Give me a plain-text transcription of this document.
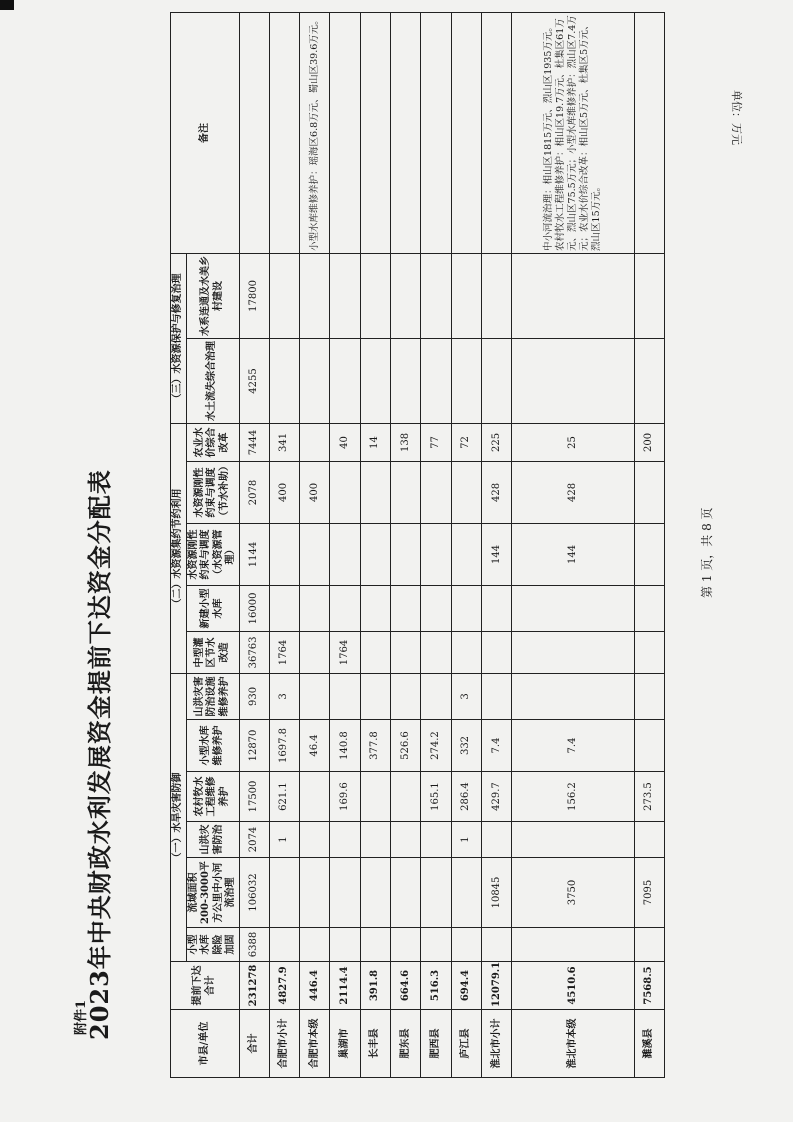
附件1
2023年中央财政水利发展资金提前下达资金分配表
单位：万元
第 1 页，共 8 页
市县/单位	提前下达合计	（一）水旱灾害防御						（二）水资源集约节约利用					（三）水资源保护与修复治理		备注
		小型水库除险加固	流域面积200-3000平方公里中小河流治理	山洪灾害防治	农村牧水工程维修养护	小型水库维修养护	山洪灾害防治设施维修养护	中型灌区节水改造	新建小型水库	水资源刚性约束与调度（水资源管理）	水资源刚性约束与调度（节水补助）	农业水价综合改革	水土流失综合治理	水系连通及水美乡村建设	
合计	231278	6388	106032	2074	17500	12870	930	36763	16000	1144	2078	7444	4255	17800	
合肥市小计	4827.9			1	621.1	1697.8	3	1764			400	341			
合肥市本级	446.4					46.4					400				小型水库维修养护：瑶海区6.8万元、蜀山区39.6万元。
巢湖市	2114.4				169.6	140.8		1764				40			
长丰县	391.8					377.8						14			
肥东县	664.6					526.6						138			
肥西县	516.3				165.1	274.2						77			
庐江县	694.4			1	286.4	332	3					72			
淮北市小计	12079.1		10845		429.7	7.4				144	428	225			
淮北市本级	4510.6		3750		156.2	7.4				144	428	25			中小河流治理：相山区1815万元、烈山区1935万元。农村牧水工程维修养护：相山区19.7万元、杜集区61万元、烈山区75.5万元；小型水库维修养护：烈山区7.4万元；农业水价综合改革：相山区5万元、杜集区5万元、烈山区15万元。
濉溪县	7568.5		7095		273.5							200			
